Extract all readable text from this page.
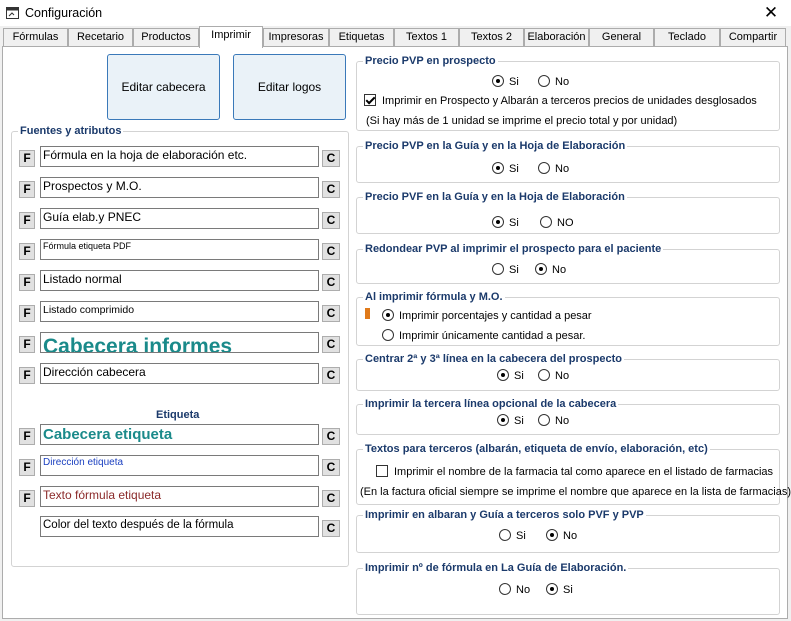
Configuración	✕
Fórmulas	Recetario	Productos	Imprimir	Impresoras	Etiquetas	Textos 1	Textos 2	Elaboración	General	Teclado	Compartir
Editar cabecera	Editar logos
Fuentes y atributos
F	Fórmula en la hoja de elaboración etc.	C
F	Prospectos y M.O.	C
F	Guía elab.y PNEC	C
F	Fórmula etiqueta PDF	C
F	Listado normal	C
F	Listado comprimido	C
F Cabecera informes	C
F	Dirección cabecera	C
Etiqueta
F Cabecera etiqueta	C
F	Dirección etiqueta	C
F	Texto fórmula etiqueta	C
Color del texto después de la fórmula	C
Precio PVP en prospecto
Si	No
Imprimir en Prospecto y Albarán a terceros precios de unidades desglosados
(Si hay más de 1 unidad se imprime el precio total y por unidad)
Precio PVP en la Guía y en la Hoja de Elaboración
Si	No
Precio PVF en la Guía y en la Hoja de Elaboración
Si	NO
Redondear PVP al imprimir el prospecto para el paciente
Si	No
Al imprimir fórmula y M.O.
Imprimir porcentajes y cantidad a pesar
Imprimir únicamente cantidad a pesar.
Centrar 2ª y 3ª línea en la cabecera del prospecto
Si	No
Imprimir la tercera línea opcional de la cabecera
Si	No
Textos para terceros (albarán, etiqueta de envío, elaboración, etc)
Imprimir el nombre de la farmacia tal como aparece en el listado de farmacias
(En la factura oficial siempre se imprime el nombre que aparece en la lista de farmacias)
Imprimir en albaran y Guía a terceros solo PVF y PVP
Si	No
Imprimir nº de fórmula en La Guía de Elaboración.
No	Si
